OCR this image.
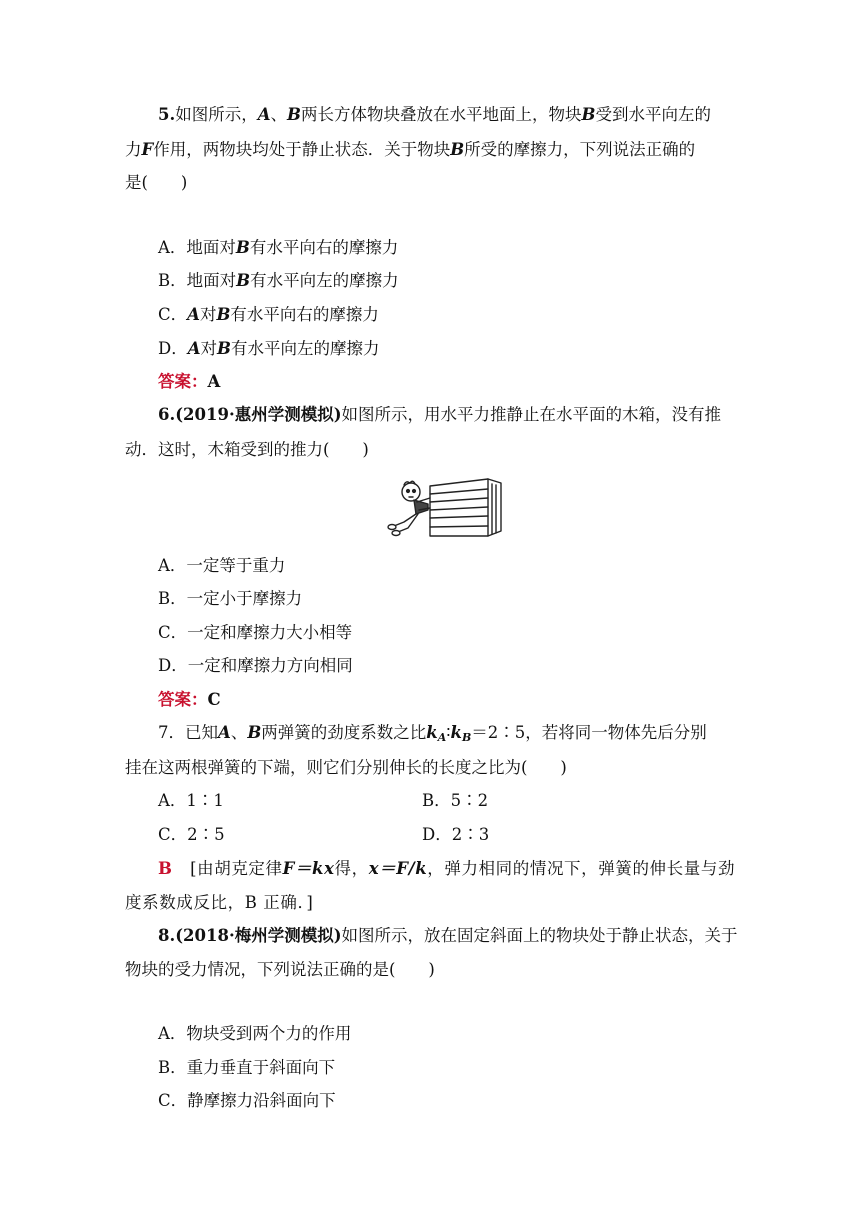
5.如图所示，A、B两长方体物块叠放在水平地面上，物块B受到水平向左的
力F作用，两物块均处于静止状态．关于物块B所受的摩擦力，下列说法正确的
是(　　)
A．地面对B有水平向右的摩擦力
B．地面对B有水平向左的摩擦力
C．A对B有水平向右的摩擦力
D．A对B有水平向左的摩擦力
答案：A
6.(2019·惠州学测模拟)如图所示，用水平力推静止在水平面的木箱，没有推
动．这时，木箱受到的推力(　　)
A．一定等于重力
B．一定小于摩擦力
C．一定和摩擦力大小相等
D．一定和摩擦力方向相同
答案：C
7．已知A、B两弹簧的劲度系数之比$k_A∶k_B=2∶5$，若将同一物体先后分别
挂在这两根弹簧的下端，则它们分别伸长的长度之比为(　　)
A．1∶1	B．5∶2
C．2∶5	D．2∶3
B [由胡克定律F＝kx得，x＝F/k，弹力相同的情况下，弹簧的伸长量与劲
度系数成反比，B 正确．]
8.(2018·梅州学测模拟)如图所示，放在固定斜面上的物块处于静止状态，关于
物块的受力情况，下列说法正确的是(　　)
A．物块受到两个力的作用
B．重力垂直于斜面向下
C．静摩擦力沿斜面向下
